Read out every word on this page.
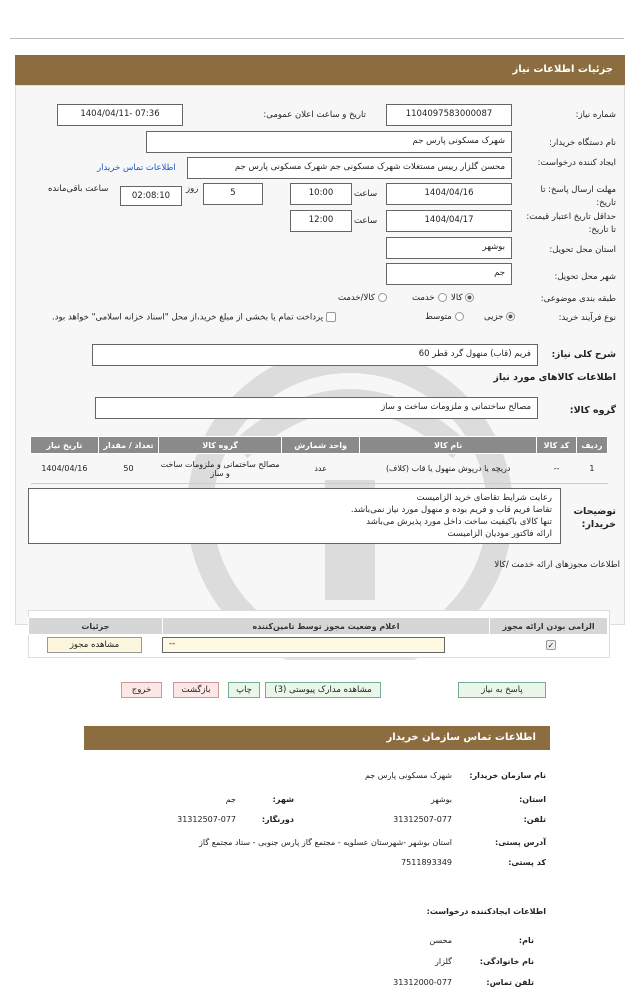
جزئیات اطلاعات نیاز
شماره نیاز:
1104097583000087
تاریخ و ساعت اعلان عمومی:
1404/04/11- 07:36
نام دستگاه خریدار:
شهرک مسکونی پارس جم
ایجاد کننده درخواست:
محسن گلزار رییس مستغلات شهرک مسکونی جم شهرک مسکونی پارس جم
اطلاعات تماس خریدار
مهلت ارسال پاسخ: تا تاریخ:
1404/04/16
ساعت
10:00
5
روز
02:08:10
ساعت باقی‌مانده
حداقل تاریخ اعتبار قیمت: تا تاریخ:
1404/04/17
ساعت
12:00
استان محل تحویل:
بوشهر
شهر محل تحویل:
جم
طبقه بندی موضوعی:
کالا
خدمت
کالا/خدمت
نوع فرآیند خرید:
جزیی
متوسط
پرداخت تمام یا بخشی از مبلغ خرید،از محل "اسناد خزانه اسلامی" خواهد بود.
شرح کلی نیاز:
فریم (قاب) منهول گرد قطر 60
اطلاعات کالاهای مورد نیاز
گروه کالا:
مصالح ساختمانی و ملزومات ساخت و ساز
ردیف	کد کالا	نام کالا	واحد شمارش	گروه کالا	تعداد / مقدار	تاریخ نیاز
1	--	دریچه یا درپوش منهول یا قاب (کلاف)	عدد	مصالح ساختمانی و ملزومات ساخت و ساز	50	1404/04/16
توضیحات خریدار:
رعایت شرایط تقاضای خرید الزامیست
تقاضا فریم قاب و فریم بوده و منهول مورد نیاز نمی‌باشد.
تنها کالای باکیفیت ساخت داخل مورد پذیرش می‌باشد
ارائه فاکتور مودیان الزامیست
اطلاعات مجوزهای ارائه خدمت /کالا
الزامی بودن ارائه مجوز	اعلام وضعیت مجوز توسط تامین‌کننده	جزئیات
✓
--
مشاهده مجوز
پاسخ به نیاز
مشاهده مدارک پیوستی (3)
چاپ
بازگشت
خروج
اطلاعات تماس سازمان خریدار
نام سازمان خریدار:
شهرک مسکونی پارس جم
استان:
بوشهر
شهر:
جم
تلفن:
31312507-077
دورنگار:
31312507-077
آدرس پستی:
استان بوشهر -شهرستان عسلویه - مجتمع گاز پارس جنوبی - ستاد مجتمع گاز
کد پستی:
7511893349
اطلاعات ایجادکننده درخواست:
نام:
محسن
نام خانوادگی:
گلزار
تلفن تماس:
31312000-077
